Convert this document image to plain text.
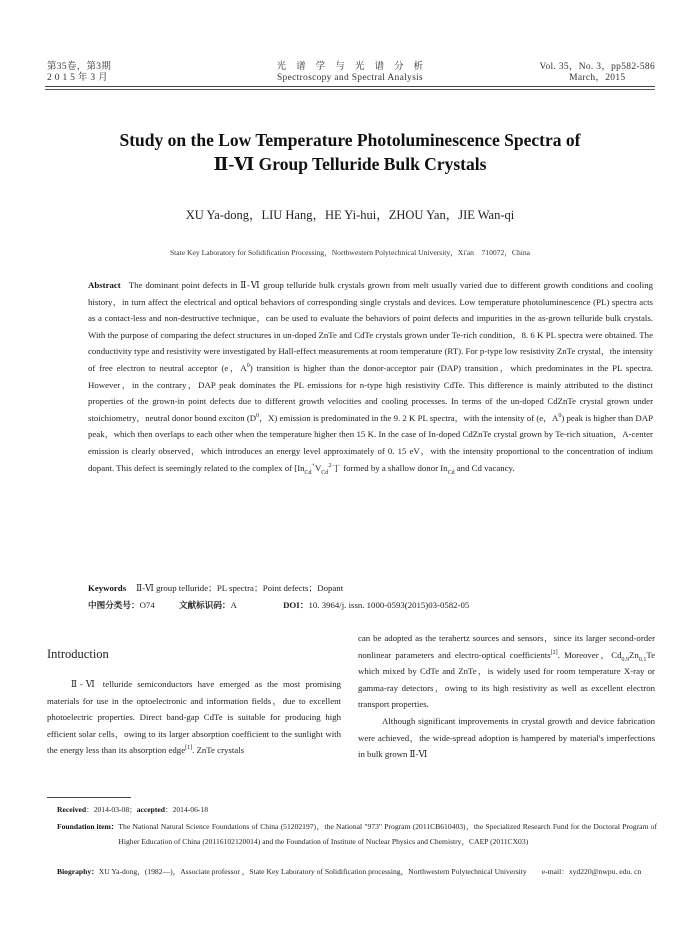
第35卷，第3期
2 0 1 5 年 3 月
光　谱　学　与　光　谱　分　析
Spectroscopy and Spectral Analysis
Vol. 35，No. 3，pp582-586
March，2015
Study on the Low Temperature Photoluminescence Spectra of
Ⅱ-Ⅵ Group Telluride Bulk Crystals
XU Ya-dong，LIU Hang，HE Yi-hui，ZHOU Yan，JIE Wan-qi
State Key Laboratory for Solidification Processing，Northwestern Polytechnical University，Xi'an　710072，China
Abstract The dominant point defects in Ⅱ-Ⅵ group telluride bulk crystals grown from melt usually varied due to different growth conditions and cooling history，in turn affect the electrical and optical behaviors of corresponding single crystals and devices. Low temperature photoluminescence (PL) spectra acts as a contact-less and non-destructive technique，can be used to evaluate the behaviors of point defects and impurities in the as-grown telluride bulk crystals. With the purpose of comparing the defect structures in un-doped ZnTe and CdTe crystals grown under Te-rich condition，8. 6 K PL spectra were obtained. The conductivity type and resistivity were investigated by Hall-effect measurements at room temperature (RT). For p-type low resistivity ZnTe crystal，the intensity of free electron to neutral acceptor (e，$A^0$) transition is higher than the donor-acceptor pair (DAP) transition，which predominates in the PL spectra. However，in the contrary，DAP peak dominates the PL emissions for n-type high resistivity CdTe. This difference is mainly attributed to the distinct properties of the grown-in point defects due to different growth velocities and cooling processes. In terms of the un-doped CdZnTe crystal grown under stoichiometry，neutral donor bound exciton ($D^0$，X) emission is predominated in the 9. 2 K PL spectra，with the intensity of (e，$A^0$) peak is higher than DAP peak，which then overlaps to each other when the temperature higher then 15 K. In the case of In-doped CdZnTe crystal grown by Te-rich situation，A-center emission is clearly observed，which introduces an energy level approximately of 0. 15 eV，with the intensity proportional to the concentration of indium dopant. This defect is seemingly related to the complex of $[In_{Cd}^+V_{Cd}^{2-}]^-$ formed by a shallow donor $In_{Cd}$ and Cd vacancy.
Keywords Ⅱ-Ⅵ group telluride；PL spectra；Point defects；Dopant
中图分类号：O74	文献标识码：A	DOI：10. 3964/j. issn. 1000-0593(2015)03-0582-05
Introduction

Ⅱ-Ⅵ telluride semiconductors have emerged as the most promising materials for use in the optoelectronic and information fields，due to excellent photoelectric properties. Direct band-gap CdTe is suitable for producing high efficient solar cells，owing to its larger absorption coefficient to the sunlight with the energy less than its absorption edge[1]. ZnTe crystals

can be adopted as the terahertz sources and sensors，since its larger second-order nonlinear parameters and electro-optical coefficients[2]. Moreover，$Cd_{0.9}Zn_{0.1}Te$ which mixed by CdTe and ZnTe，is widely used for room temperature X-ray or gamma-ray detectors，owing to its high resistivity as well as excellent electron transport properties.

Although significant improvements in crystal growth and device fabrication were achieved，the wide-spread adoption is hampered by material's imperfections in bulk grown Ⅱ-Ⅵ

Received：2014-03-08；accepted：2014-06-18
Foundation item： The National Natural Science Foundations of China (51202197)，the National "973" Program (2011CB610403)，the Specialized Research Fund for the Doctoral Program of Higher Education of China (20116102120014) and the Foundation of Institute of Nuclear Physics and Chemistry，CAEP (2011CX03)
Biography： XU Ya-dong，(1982—)，Associate professor ，State Key Laboratory of Solidification processing，Northwestern Polytechnical University　　e-mail：xyd220@nwpu. edu. cn
